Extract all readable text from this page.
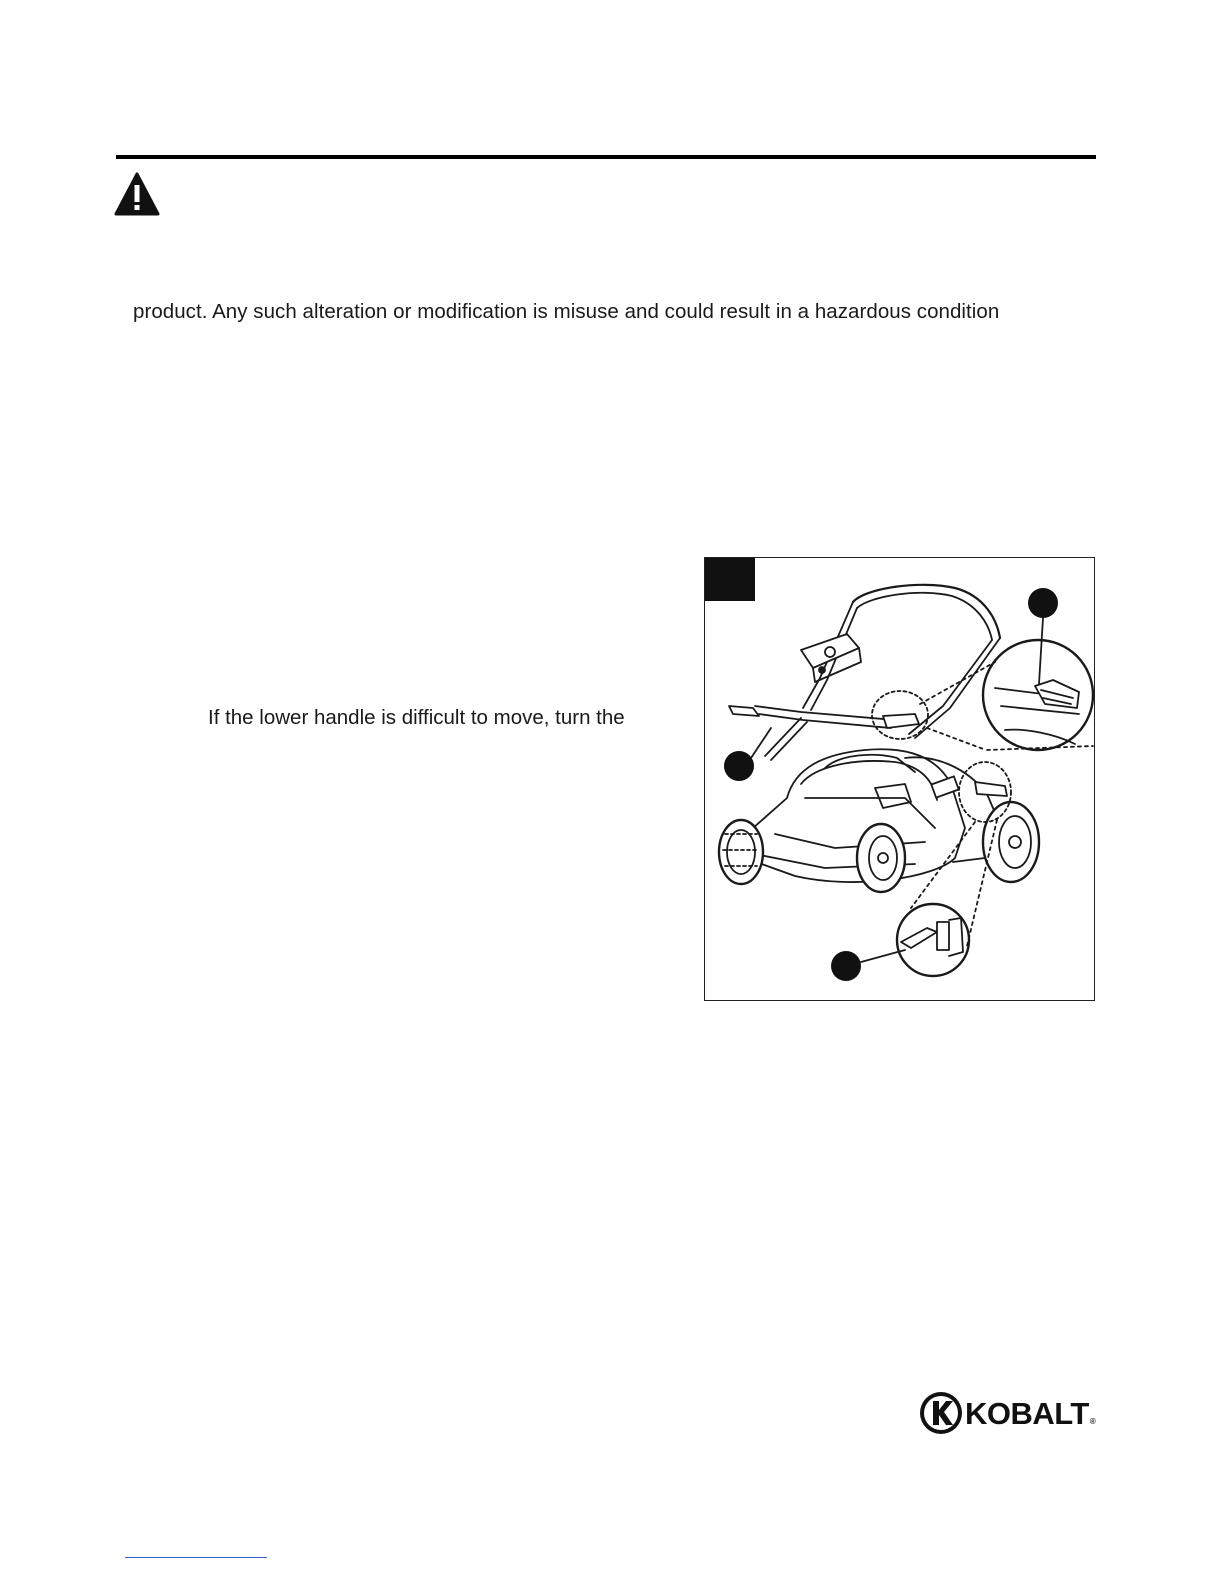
product. Any such alteration or modification is misuse and could result in a hazardous condition
If the lower handle is difficult to move, turn the
KOBALT ®
